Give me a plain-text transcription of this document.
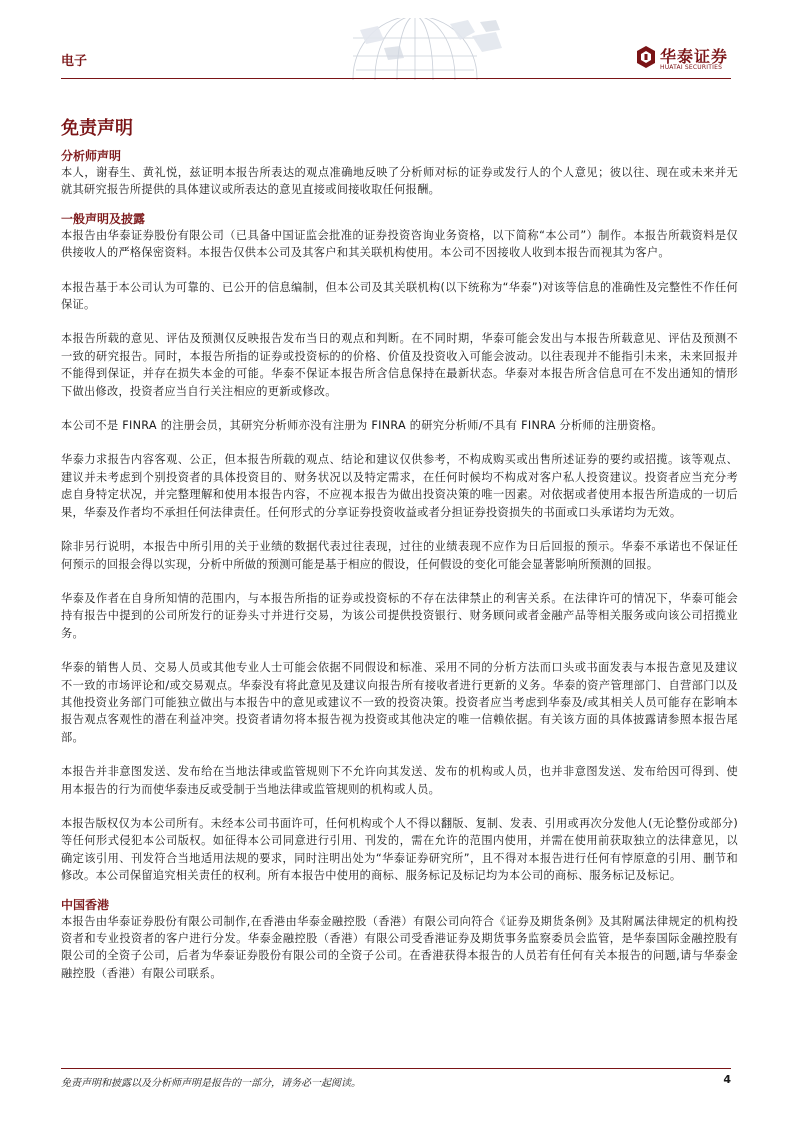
电子	华泰证券
HUATAI SECURITIES
免责声明
分析师声明

本人，谢春生、黄礼悦，兹证明本报告所表达的观点准确地反映了分析师对标的证券或发行人的个人意见；彼以往、现在或未来并无就其研究报告所提供的具体建议或所表达的意见直接或间接收取任何报酬。

一般声明及披露

本报告由华泰证券股份有限公司（已具备中国证监会批准的证券投资咨询业务资格，以下简称“本公司”）制作。本报告所载资料是仅供接收人的严格保密资料。本报告仅供本公司及其客户和其关联机构使用。本公司不因接收人收到本报告而视其为客户。

本报告基于本公司认为可靠的、已公开的信息编制，但本公司及其关联机构(以下统称为“华泰”)对该等信息的准确性及完整性不作任何保证。

本报告所载的意见、评估及预测仅反映报告发布当日的观点和判断。在不同时期，华泰可能会发出与本报告所载意见、评估及预测不一致的研究报告。同时，本报告所指的证券或投资标的的价格、价值及投资收入可能会波动。以往表现并不能指引未来，未来回报并不能得到保证，并存在损失本金的可能。华泰不保证本报告所含信息保持在最新状态。华泰对本报告所含信息可在不发出通知的情形下做出修改，投资者应当自行关注相应的更新或修改。

本公司不是 FINRA 的注册会员，其研究分析师亦没有注册为 FINRA 的研究分析师/不具有 FINRA 分析师的注册资格。

华泰力求报告内容客观、公正，但本报告所载的观点、结论和建议仅供参考，不构成购买或出售所述证券的要约或招揽。该等观点、建议并未考虑到个别投资者的具体投资目的、财务状况以及特定需求，在任何时候均不构成对客户私人投资建议。投资者应当充分考虑自身特定状况，并完整理解和使用本报告内容，不应视本报告为做出投资决策的唯一因素。对依据或者使用本报告所造成的一切后果，华泰及作者均不承担任何法律责任。任何形式的分享证券投资收益或者分担证券投资损失的书面或口头承诺均为无效。

除非另行说明，本报告中所引用的关于业绩的数据代表过往表现，过往的业绩表现不应作为日后回报的预示。华泰不承诺也不保证任何预示的回报会得以实现，分析中所做的预测可能是基于相应的假设，任何假设的变化可能会显著影响所预测的回报。

华泰及作者在自身所知情的范围内，与本报告所指的证券或投资标的不存在法律禁止的利害关系。在法律许可的情况下，华泰可能会持有报告中提到的公司所发行的证券头寸并进行交易，为该公司提供投资银行、财务顾问或者金融产品等相关服务或向该公司招揽业务。

华泰的销售人员、交易人员或其他专业人士可能会依据不同假设和标准、采用不同的分析方法而口头或书面发表与本报告意见及建议不一致的市场评论和/或交易观点。华泰没有将此意见及建议向报告所有接收者进行更新的义务。华泰的资产管理部门、自营部门以及其他投资业务部门可能独立做出与本报告中的意见或建议不一致的投资决策。投资者应当考虑到华泰及/或其相关人员可能存在影响本报告观点客观性的潜在利益冲突。投资者请勿将本报告视为投资或其他决定的唯一信赖依据。有关该方面的具体披露请参照本报告尾部。

本报告并非意图发送、发布给在当地法律或监管规则下不允许向其发送、发布的机构或人员，也并非意图发送、发布给因可得到、使用本报告的行为而使华泰违反或受制于当地法律或监管规则的机构或人员。

本报告版权仅为本公司所有。未经本公司书面许可，任何机构或个人不得以翻版、复制、发表、引用或再次分发他人(无论整份或部分)等任何形式侵犯本公司版权。如征得本公司同意进行引用、刊发的，需在允许的范围内使用，并需在使用前获取独立的法律意见，以确定该引用、刊发符合当地适用法规的要求，同时注明出处为“华泰证券研究所”，且不得对本报告进行任何有悖原意的引用、删节和修改。本公司保留追究相关责任的权利。所有本报告中使用的商标、服务标记及标记均为本公司的商标、服务标记及标记。

中国香港

本报告由华泰证券股份有限公司制作,在香港由华泰金融控股（香港）有限公司向符合《证券及期货条例》及其附属法律规定的机构投资者和专业投资者的客户进行分发。华泰金融控股（香港）有限公司受香港证券及期货事务监察委员会监管，是华泰国际金融控股有限公司的全资子公司，后者为华泰证券股份有限公司的全资子公司。在香港获得本报告的人员若有任何有关本报告的问题,请与华泰金融控股（香港）有限公司联系。

免责声明和披露以及分析师声明是报告的一部分，请务必一起阅读。	4
